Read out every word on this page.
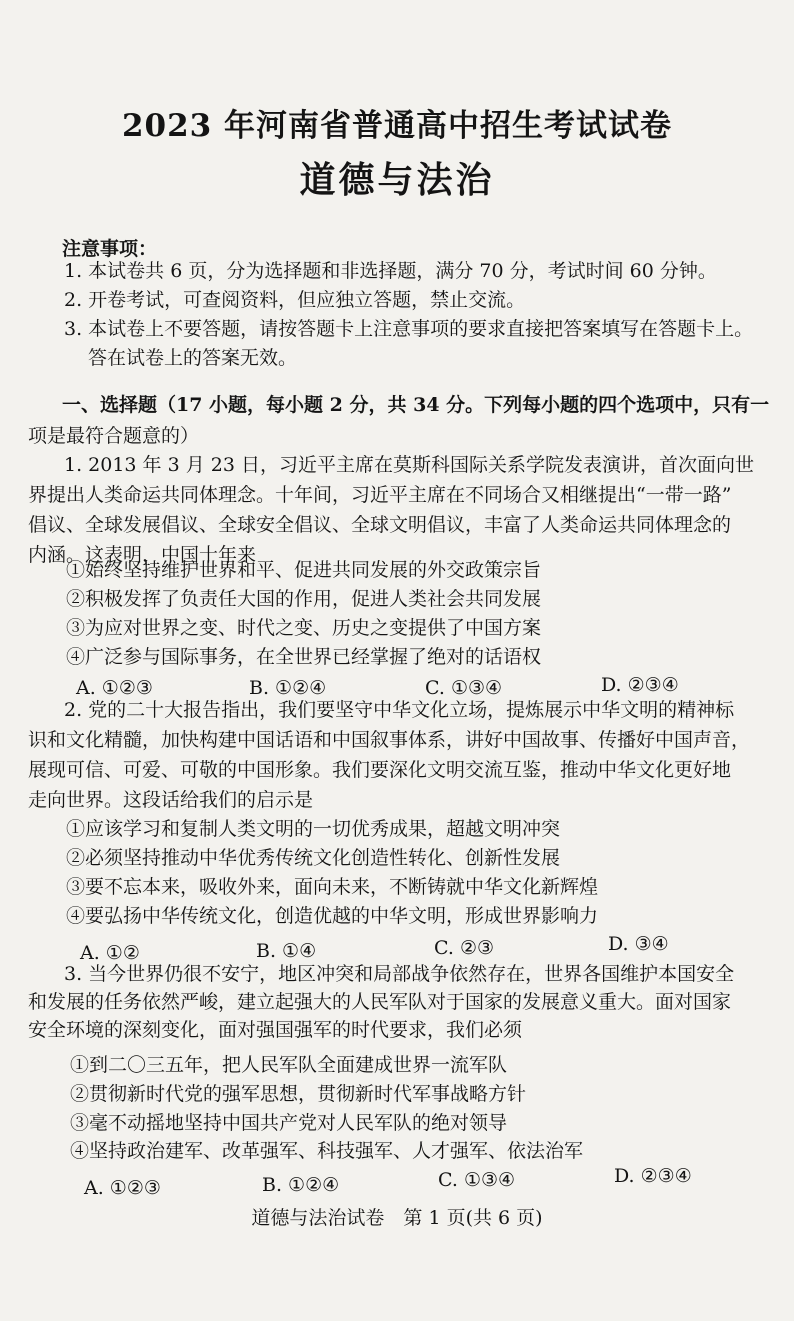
2023 年河南省普通高中招生考试试卷
道德与法治
注意事项：
1. 本试卷共 6 页，分为选择题和非选择题，满分 70 分，考试时间 60 分钟。
2. 开卷考试，可查阅资料，但应独立答题，禁止交流。
3. 本试卷上不要答题，请按答题卡上注意事项的要求直接把答案填写在答题卡上。
答在试卷上的答案无效。
一、选择题（17 小题，每小题 2 分，共 34 分。下列每小题的四个选项中，只有一
项是最符合题意的）
1. 2013 年 3 月 23 日，习近平主席在莫斯科国际关系学院发表演讲，首次面向世
界提出人类命运共同体理念。十年间，习近平主席在不同场合又相继提出“一带一路”
倡议、全球发展倡议、全球安全倡议、全球文明倡议，丰富了人类命运共同体理念的
内涵。这表明，中国十年来
①始终坚持维护世界和平、促进共同发展的外交政策宗旨
②积极发挥了负责任大国的作用，促进人类社会共同发展
③为应对世界之变、时代之变、历史之变提供了中国方案
④广泛参与国际事务，在全世界已经掌握了绝对的话语权
A. ①②③	B. ①②④	C. ①③④	D. ②③④
2. 党的二十大报告指出，我们要坚守中华文化立场，提炼展示中华文明的精神标
识和文化精髓，加快构建中国话语和中国叙事体系，讲好中国故事、传播好中国声音，
展现可信、可爱、可敬的中国形象。我们要深化文明交流互鉴，推动中华文化更好地
走向世界。这段话给我们的启示是
①应该学习和复制人类文明的一切优秀成果，超越文明冲突
②必须坚持推动中华优秀传统文化创造性转化、创新性发展
③要不忘本来，吸收外来，面向未来，不断铸就中华文化新辉煌
④要弘扬中华传统文化，创造优越的中华文明，形成世界影响力
A. ①②	B. ①④	C. ②③	D. ③④
3. 当今世界仍很不安宁，地区冲突和局部战争依然存在，世界各国维护本国安全
和发展的任务依然严峻，建立起强大的人民军队对于国家的发展意义重大。面对国家
安全环境的深刻变化，面对强国强军的时代要求，我们必须
①到二〇三五年，把人民军队全面建成世界一流军队
②贯彻新时代党的强军思想，贯彻新时代军事战略方针
③毫不动摇地坚持中国共产党对人民军队的绝对领导
④坚持政治建军、改革强军、科技强军、人才强军、依法治军
A. ①②③	B. ①②④	C. ①③④	D. ②③④
道德与法治试卷　第 1 页(共 6 页)
